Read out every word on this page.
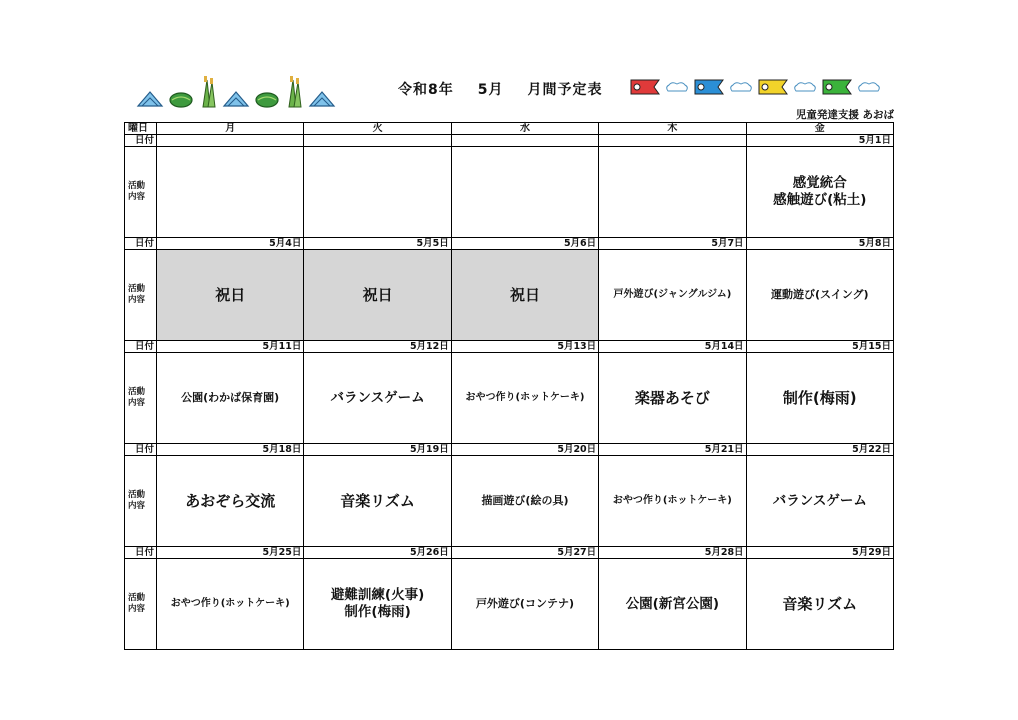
令和8年 5月 月間予定表
児童発達支援 あおば
曜日	月	火	水	木	金
日付					5月1日

活動
内容					感覚統合
感触遊び(粘土)

日付	5月4日	5月5日	5月6日	5月7日	5月8日

活動
内容	祝日	祝日	祝日	戸外遊び(ジャングルジム)	運動遊び(スイング)

日付	5月11日	5月12日	5月13日	5月14日	5月15日

活動
内容	公園(わかば保育園)	バランスゲーム	おやつ作り(ホットケーキ)	楽器あそび	制作(梅雨)

日付	5月18日	5月19日	5月20日	5月21日	5月22日

活動
内容	あおぞら交流	音楽リズム	描画遊び(絵の具)	おやつ作り(ホットケーキ)	バランスゲーム

日付	5月25日	5月26日	5月27日	5月28日	5月29日

活動
内容	おやつ作り(ホットケーキ)	避難訓練(火事)
制作(梅雨)	戸外遊び(コンテナ)	公園(新宮公園)	音楽リズム
